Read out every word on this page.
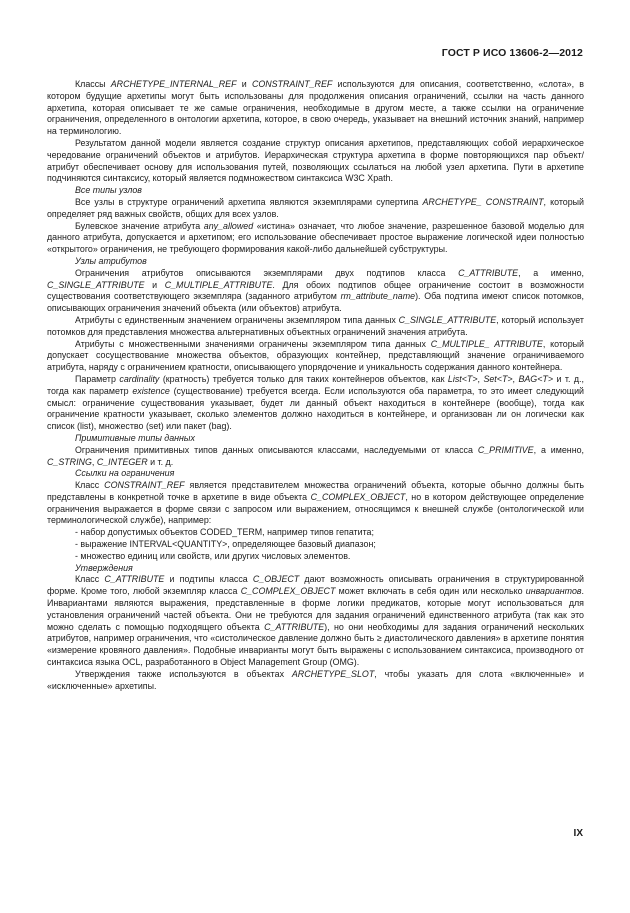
ГОСТ Р ИСО 13606-2—2012

Классы ARCHETYPE_INTERNAL_REF и CONSTRAINT_REF используются для описания, соответственно, «слота», в котором будущие архетипы могут быть использованы для продолжения описания ограничений, ссылки на часть данного архетипа, которая описывает те же самые ограничения, необходимые в другом месте, а также ссылки на ограничение ограничения, определенного в онтологии архетипа, которое, в свою очередь, указывает на внешний источник знаний, например на терминологию.

Результатом данной модели является создание структур описания архетипов, представляющих собой иерархическое чередование ограничений объектов и атрибутов. Иерархическая структура архетипа в форме повторяющихся пар объект/атрибут обеспечивает основу для использования путей, позволяющих ссылаться на любой узел архетипа. Пути в архетипе подчиняются синтаксису, который является подмножеством синтаксиса W3C Xpath.

Все типы узлов

Все узлы в структуре ограничений архетипа являются экземплярами супертипа ARCHETYPE_ CONSTRAINT, который определяет ряд важных свойств, общих для всех узлов.

Булевское значение атрибута any_allowed «истина» означает, что любое значение, разрешенное базовой моделью для данного атрибута, допускается и архетипом; его использование обеспечивает простое выражение логической идеи полностью «открытого» ограничения, не требующего формирования какой-либо дальнейшей субструктуры.

Узлы атрибутов

Ограничения атрибутов описываются экземплярами двух подтипов класса C_ATTRIBUTE, а именно, C_SINGLE_ATTRIBUTE и C_MULTIPLE_ATTRIBUTE. Для обоих подтипов общее ограничение состоит в возможности существования соответствующего экземпляра (заданного атрибутом rm_attribute_name). Оба подтипа имеют список потомков, описывающих ограничения значений объекта (или объектов) атрибута.

Атрибуты с единственным значением ограничены экземпляром типа данных C_SINGLE_ATTRIBUTE, который использует потомков для представления множества альтернативных объектных ограничений значения атрибута.

Атрибуты с множественными значениями ограничены экземпляром типа данных C_MULTIPLE_ ATTRIBUTE, который допускает сосуществование множества объектов, образующих контейнер, представляющий значение ограничиваемого атрибута, наряду с ограничением кратности, описывающего упорядочение и уникальность содержания данного контейнера.

Параметр cardinality (кратность) требуется только для таких контейнеров объектов, как List<T>, Set<T>, BAG<T> и т. д., тогда как параметр existence (существование) требуется всегда. Если используются оба параметра, то это имеет следующий смысл: ограничение существования указывает, будет ли данный объект находиться в контейнере (вообще), тогда как ограничение кратности указывает, сколько элементов должно находиться в контейнере, и организован ли он логически как список (list), множество (set) или пакет (bag).

Примитивные типы данных

Ограничения примитивных типов данных описываются классами, наследуемыми от класса C_PRIMITIVE, а именно, C_STRING, C_INTEGER и т. д.

Ссылки на ограничения

Класс CONSTRAINT_REF является представителем множества ограничений объекта, которые обычно должны быть представлены в конкретной точке в архетипе в виде объекта C_COMPLEX_OBJECT, но в котором действующее определение ограничения выражается в форме связи с запросом или выражением, относящимся к внешней службе (онтологической или терминологической службе), например:

- набор допустимых объектов CODED_TERM, например типов гепатита;

- выражение INTERVAL<QUANTITY>, определяющее базовый диапазон;

- множество единиц или свойств, или других числовых элементов.

Утверждения

Класс C_ATTRIBUTE и подтипы класса C_OBJECT дают возможность описывать ограничения в структурированной форме. Кроме того, любой экземпляр класса C_COMPLEX_OBJECT может включать в себя один или несколько инвариантов. Инвариантами являются выражения, представленные в форме логики предикатов, которые могут использоваться для установления ограничений частей объекта. Они не требуются для задания ограничений единственного атрибута (так как это можно сделать с помощью подходящего объекта C_ATTRIBUTE), но они необходимы для задания ограничений нескольких атрибутов, например ограничения, что «систолическое давление должно быть ≥ диастолического давления» в архетипе понятия «измерение кровяного давления». Подобные инварианты могут быть выражены с использованием синтаксиса, производного от синтаксиса языка OCL, разработанного в Object Management Group (OMG).

Утверждения также используются в объектах ARCHETYPE_SLOT, чтобы указать для слота «включенные» и «исключенные» архетипы.

IX
